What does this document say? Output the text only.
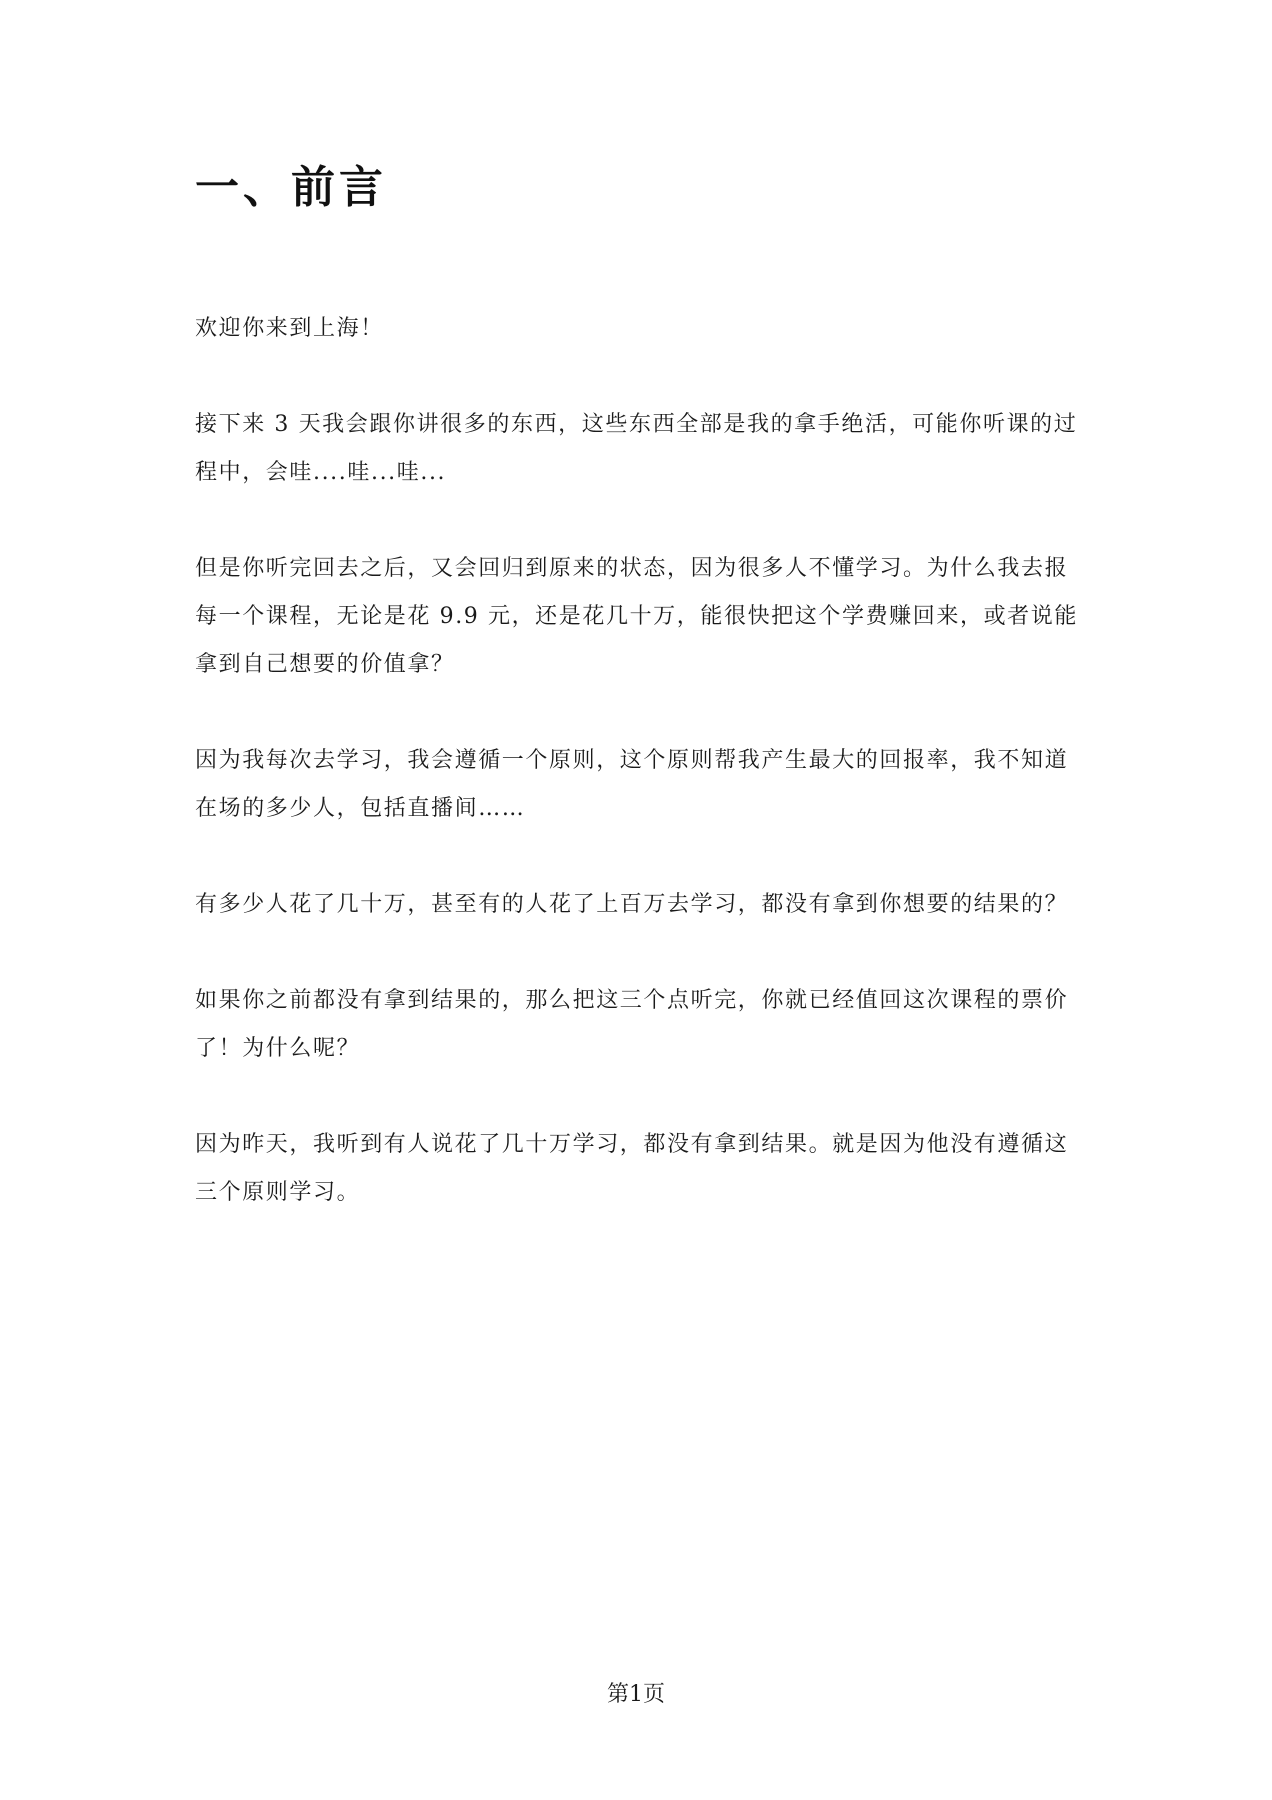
一、前言

欢迎你来到上海！

接下来 3 天我会跟你讲很多的东西，这些东西全部是我的拿手绝活，可能你听课的过程中，会哇....哇...哇...

但是你听完回去之后，又会回归到原来的状态，因为很多人不懂学习。为什么我去报每一个课程，无论是花 9.9 元，还是花几十万，能很快把这个学费赚回来，或者说能拿到自己想要的价值拿？

因为我每次去学习，我会遵循一个原则，这个原则帮我产生最大的回报率，我不知道在场的多少人，包括直播间……

有多少人花了几十万，甚至有的人花了上百万去学习，都没有拿到你想要的结果的？

如果你之前都没有拿到结果的，那么把这三个点听完，你就已经值回这次课程的票价了！为什么呢？

因为昨天，我听到有人说花了几十万学习，都没有拿到结果。就是因为他没有遵循这三个原则学习。

第1页
